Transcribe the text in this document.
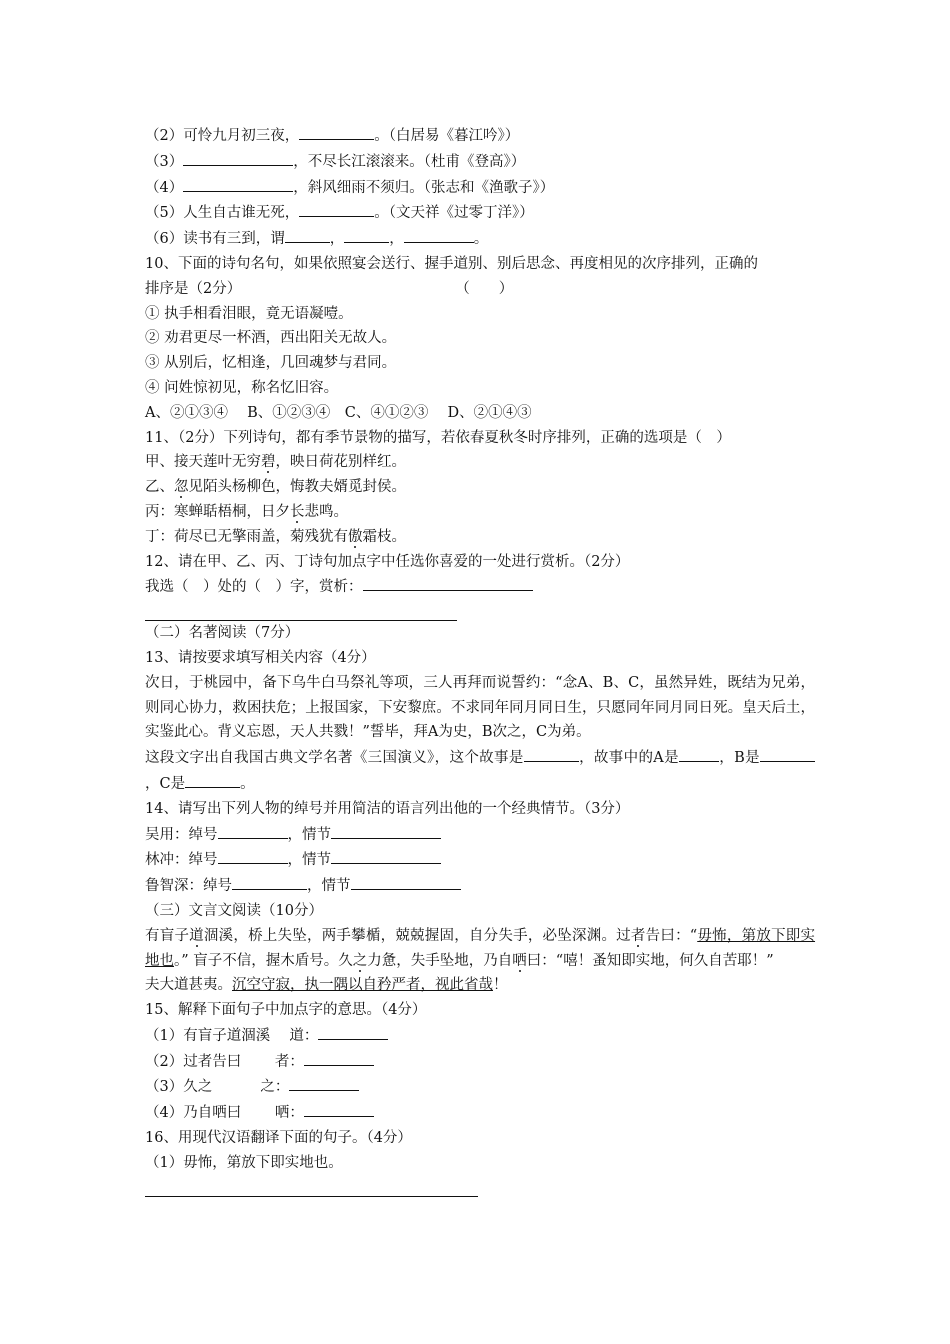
（2）可怜九月初三夜，	。（白居易《暮江吟》）
（3）	，不尽长江滚滚来。（杜甫《登高》）
（4）	，斜风细雨不须归。（张志和《渔歌子》）
（5）人生自古谁无死，	。（文天祥《过零丁洋》）
（6）读书有三到，谓	，	，	。
10、下面的诗句名句，如果依照宴会送行、握手道别、别后思念、再度相见的次序排列，正确的
排序是（2分）	（　　）
① 执手相看泪眼，竟无语凝噎。
② 劝君更尽一杯酒，西出阳关无故人。
③ 从别后，忆相逢，几回魂梦与君同。
④ 问姓惊初见，称名忆旧容。
A、②①③④　 B、①②③④　C、④①②③　 D、②①④③
11、（2分）下列诗句，都有季节景物的描写，若依春夏秋冬时序排列，正确的选项是（　）
甲、接天莲叶无穷碧，映日荷花别样红。
乙、忽见陌头杨柳色，悔教夫婿觅封侯。
丙：寒蝉聒梧桐，日夕长悲鸣。
丁：荷尽已无擎雨盖，菊残犹有傲霜枝。
12、请在甲、乙、丙、丁诗句加点字中任选你喜爱的一处进行赏析。（2分）
我选（　）处的（　）字，赏析：
（二）名著阅读（7分）
13、请按要求填写相关内容（4分）
次日，于桃园中，备下乌牛白马祭礼等项，三人再拜而说誓约：“念A、B、C，虽然异姓，既结为兄弟，则同心协力，救困扶危；上报国家，下安黎庶。不求同年同月同日生，只愿同年同月同日死。皇天后土，实鉴此心。背义忘恩，天人共戮！”誓毕，拜A为史，B次之，C为弟。
这段文字出自我国古典文学名著《三国演义》，这个故事是	，故事中的A是	，B是，C是	。
14、请写出下列人物的绰号并用简洁的语言列出他的一个经典情节。（3分）
吴用：绰号	，情节
林冲：绰号	，情节
鲁智深：绰号	，情节
（三）文言文阅读（10分）
有盲子道涸溪，桥上失坠，两手攀楯，兢兢握固，自分失手，必坠深渊。过者告曰：“毋怖，第放下即实地也。” 盲子不信，握木盾号。久之力惫，失手坠地，乃自哂曰：“嘻！蚤知即实地，何久自苦耶！”
夫大道甚夷。沉空守寂，执一隅以自矜严者，视此省哉！
15、解释下面句子中加点字的意思。（4分）
（1）有盲子道涸溪　 道：
（2）过者告曰　　 者：
（3）久之　　　 之：
（4）乃自哂曰　　 哂：
16、用现代汉语翻译下面的句子。（4分）
（1）毋怖，第放下即实地也。
